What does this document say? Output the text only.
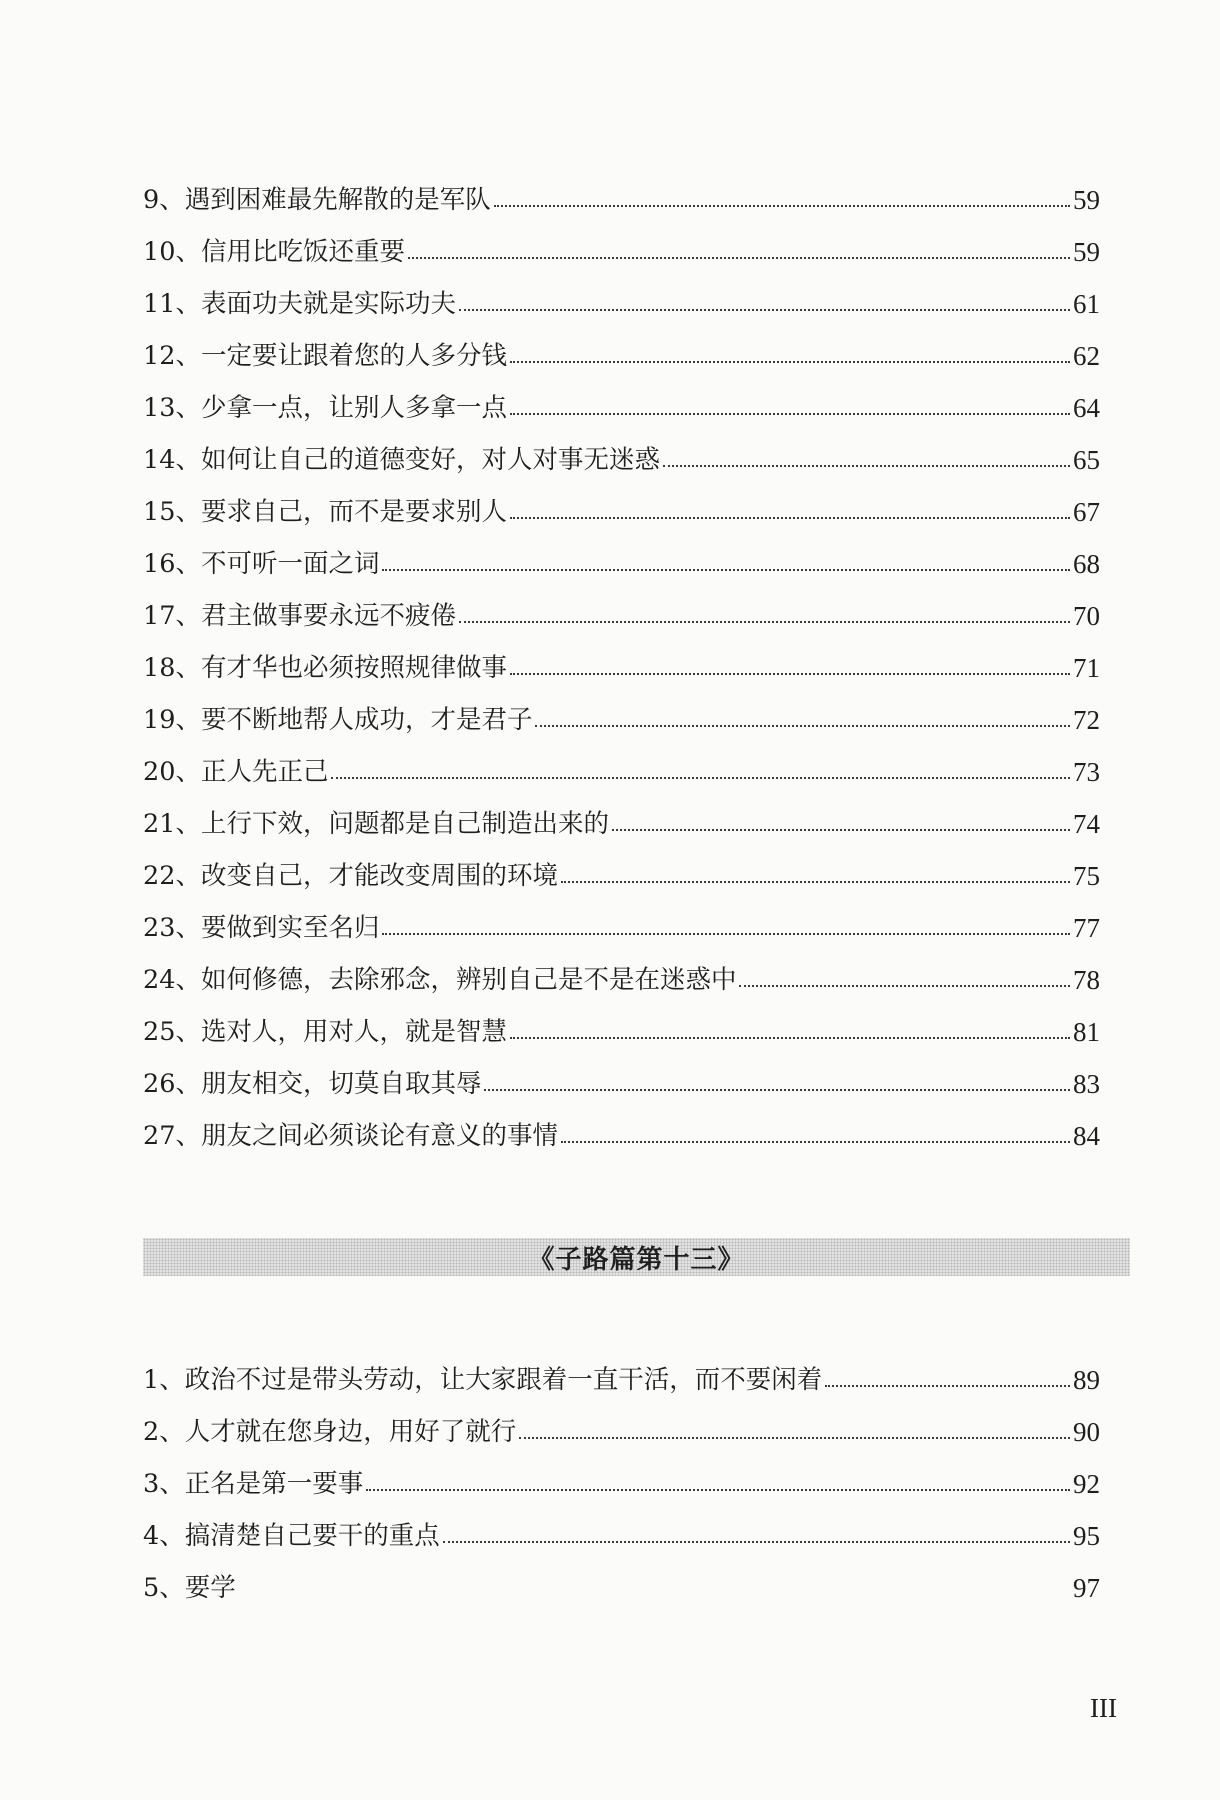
9、遇到困难最先解散的是军队	59
10、信用比吃饭还重要	59
11、表面功夫就是实际功夫	61
12、一定要让跟着您的人多分钱	62
13、少拿一点，让别人多拿一点	64
14、如何让自己的道德变好，对人对事无迷惑	65
15、要求自己，而不是要求别人	67
16、不可听一面之词	68
17、君主做事要永远不疲倦	70
18、有才华也必须按照规律做事	71
19、要不断地帮人成功，才是君子	72
20、正人先正己	73
21、上行下效，问题都是自己制造出来的	74
22、改变自己，才能改变周围的环境	75
23、要做到实至名归	77
24、如何修德，去除邪念，辨别自己是不是在迷惑中	78
25、选对人，用对人，就是智慧	81
26、朋友相交，切莫自取其辱	83
27、朋友之间必须谈论有意义的事情	84
《子路篇第十三》
1、政治不过是带头劳动，让大家跟着一直干活，而不要闲着	89
2、人才就在您身边，用好了就行	90
3、正名是第一要事	92
4、搞清楚自己要干的重点	95
5、要学	97
III
